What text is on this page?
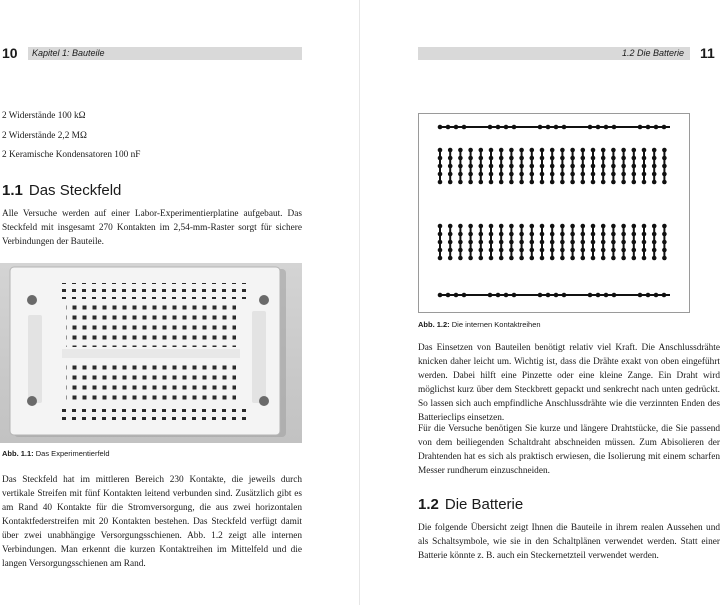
10	Kapitel 1: Bauteile
2 Widerstände 100 kΩ
2 Widerstände 2,2 MΩ
2 Keramische Kondensatoren 100 nF
1.1 Das Steckfeld
Alle Versuche werden auf einer Labor-Experimentierplatine aufgebaut. Das Steckfeld mit insgesamt 270 Kontakten im 2,54-mm-Raster sorgt für sichere Verbindungen der Bauteile.
Abb. 1.1: Das Experimentierfeld
Das Steckfeld hat im mittleren Bereich 230 Kontakte, die jeweils durch vertikale Streifen mit fünf Kontakten leitend verbunden sind. Zusätzlich gibt es am Rand 40 Kontakte für die Stromversorgung, die aus zwei horizontalen Kontaktfederstreifen mit 20 Kontakten bestehen. Das Steckfeld verfügt damit über zwei unabhängige Versorgungsschienen. Abb. 1.2 zeigt alle internen Verbindungen. Man erkennt die kurzen Kontaktreihen im Mittelfeld und die langen Versorgungsschienen am Rand.
1.2 Die Batterie	11
Abb. 1.2: Die internen Kontaktreihen
Das Einsetzen von Bauteilen benötigt relativ viel Kraft. Die Anschlussdrähte knicken daher leicht um. Wichtig ist, dass die Drähte exakt von oben eingeführt werden. Dabei hilft eine Pinzette oder eine kleine Zange. Ein Draht wird möglichst kurz über dem Steckbrett gepackt und senkrecht nach unten gedrückt. So lassen sich auch empfindliche Anschlussdrähte wie die verzinnten Enden des Batterieclips einsetzen.
Für die Versuche benötigen Sie kurze und längere Drahtstücke, die Sie passend von dem beiliegenden Schaltdraht abschneiden müssen. Zum Abisolieren der Drahtenden hat es sich als praktisch erwiesen, die Isolierung mit einem scharfen Messer rundherum einzuschneiden.
1.2 Die Batterie
Die folgende Übersicht zeigt Ihnen die Bauteile in ihrem realen Aussehen und als Schaltsymbole, wie sie in den Schaltplänen verwendet werden. Statt einer Batterie könnte z. B. auch ein Steckernetzteil verwendet werden.
